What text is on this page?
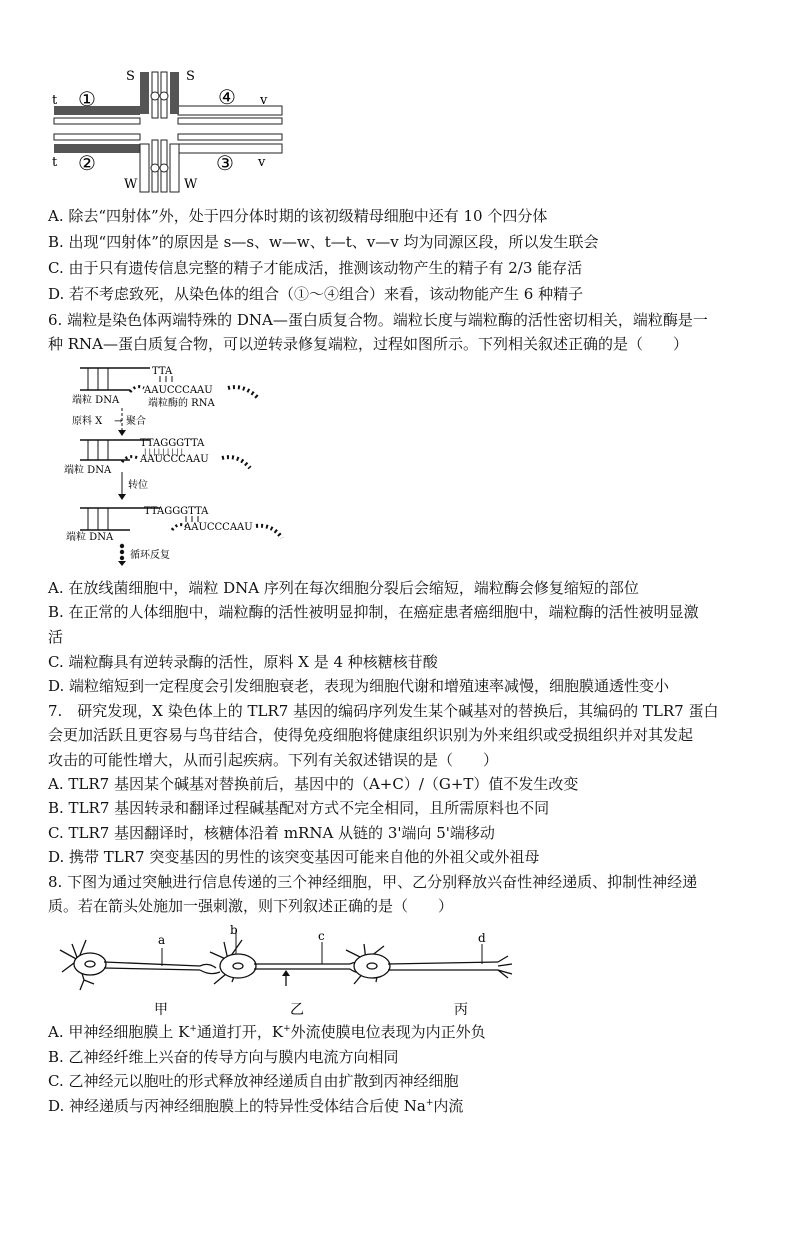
S	S
t ①	④ v
t ②	③ v
W	W
A. 除去“四射体”外，处于四分体时期的该初级精母细胞中还有 10 个四分体
B. 出现“四射体”的原因是 s—s、w—w、t—t、v—v 均为同源区段，所以发生联会
C. 由于只有遗传信息完整的精子才能成活，推测该动物产生的精子有 2/3 能存活
D. 若不考虑致死，从染色体的组合（①～④组合）来看，该动物能产生 6 种精子
6. 端粒是染色体两端特殊的 DNA—蛋白质复合物。端粒长度与端粒酶的活性密切相关，端粒酶是一
种 RNA—蛋白质复合物，可以逆转录修复端粒，过程如图所示。下列相关叙述正确的是（　　）
TTA
AAUCCCAAU
端粒 DNA	端粒酶的 RNA
原料 X → 聚合
TTAGGGTTA
| | | | | | | | |
AAUCCCAAU
端粒 DNA
转位
TTAGGGTTA
AAUCCCAAU
端粒 DNA
循环反复
A. 在放线菌细胞中，端粒 DNA 序列在每次细胞分裂后会缩短，端粒酶会修复缩短的部位
B. 在正常的人体细胞中，端粒酶的活性被明显抑制，在癌症患者癌细胞中，端粒酶的活性被明显激
活
C. 端粒酶具有逆转录酶的活性，原料 X 是 4 种核糖核苷酸
D. 端粒缩短到一定程度会引发细胞衰老，表现为细胞代谢和增殖速率减慢，细胞膜通透性变小
7.　研究发现，X 染色体上的 TLR7 基因的编码序列发生某个碱基对的替换后，其编码的 TLR7 蛋白
会更加活跃且更容易与鸟苷结合，使得免疫细胞将健康组织识别为外来组织或受损组织并对其发起
攻击的可能性增大，从而引起疾病。下列有关叙述错误的是（　　）
A. TLR7 基因某个碱基对替换前后，基因中的（A+C）/（G+T）值不发生改变
B. TLR7 基因转录和翻译过程碱基配对方式不完全相同，且所需原料也不同
C. TLR7 基因翻译时，核糖体沿着 mRNA 从链的 3'端向 5'端移动
D. 携带 TLR7 突变基因的男性的该突变基因可能来自他的外祖父或外祖母
8. 下图为通过突触进行信息传递的三个神经细胞，甲、乙分别释放兴奋性神经递质、抑制性神经递
质。若在箭头处施加一强刺激，则下列叙述正确的是（　　）
a
b	c	d
甲	乙	丙
A. 甲神经细胞膜上 K+通道打开，K+外流使膜电位表现为内正外负
B. 乙神经纤维上兴奋的传导方向与膜内电流方向相同
C. 乙神经元以胞吐的形式释放神经递质自由扩散到丙神经细胞
D. 神经递质与丙神经细胞膜上的特异性受体结合后使 Na+内流
